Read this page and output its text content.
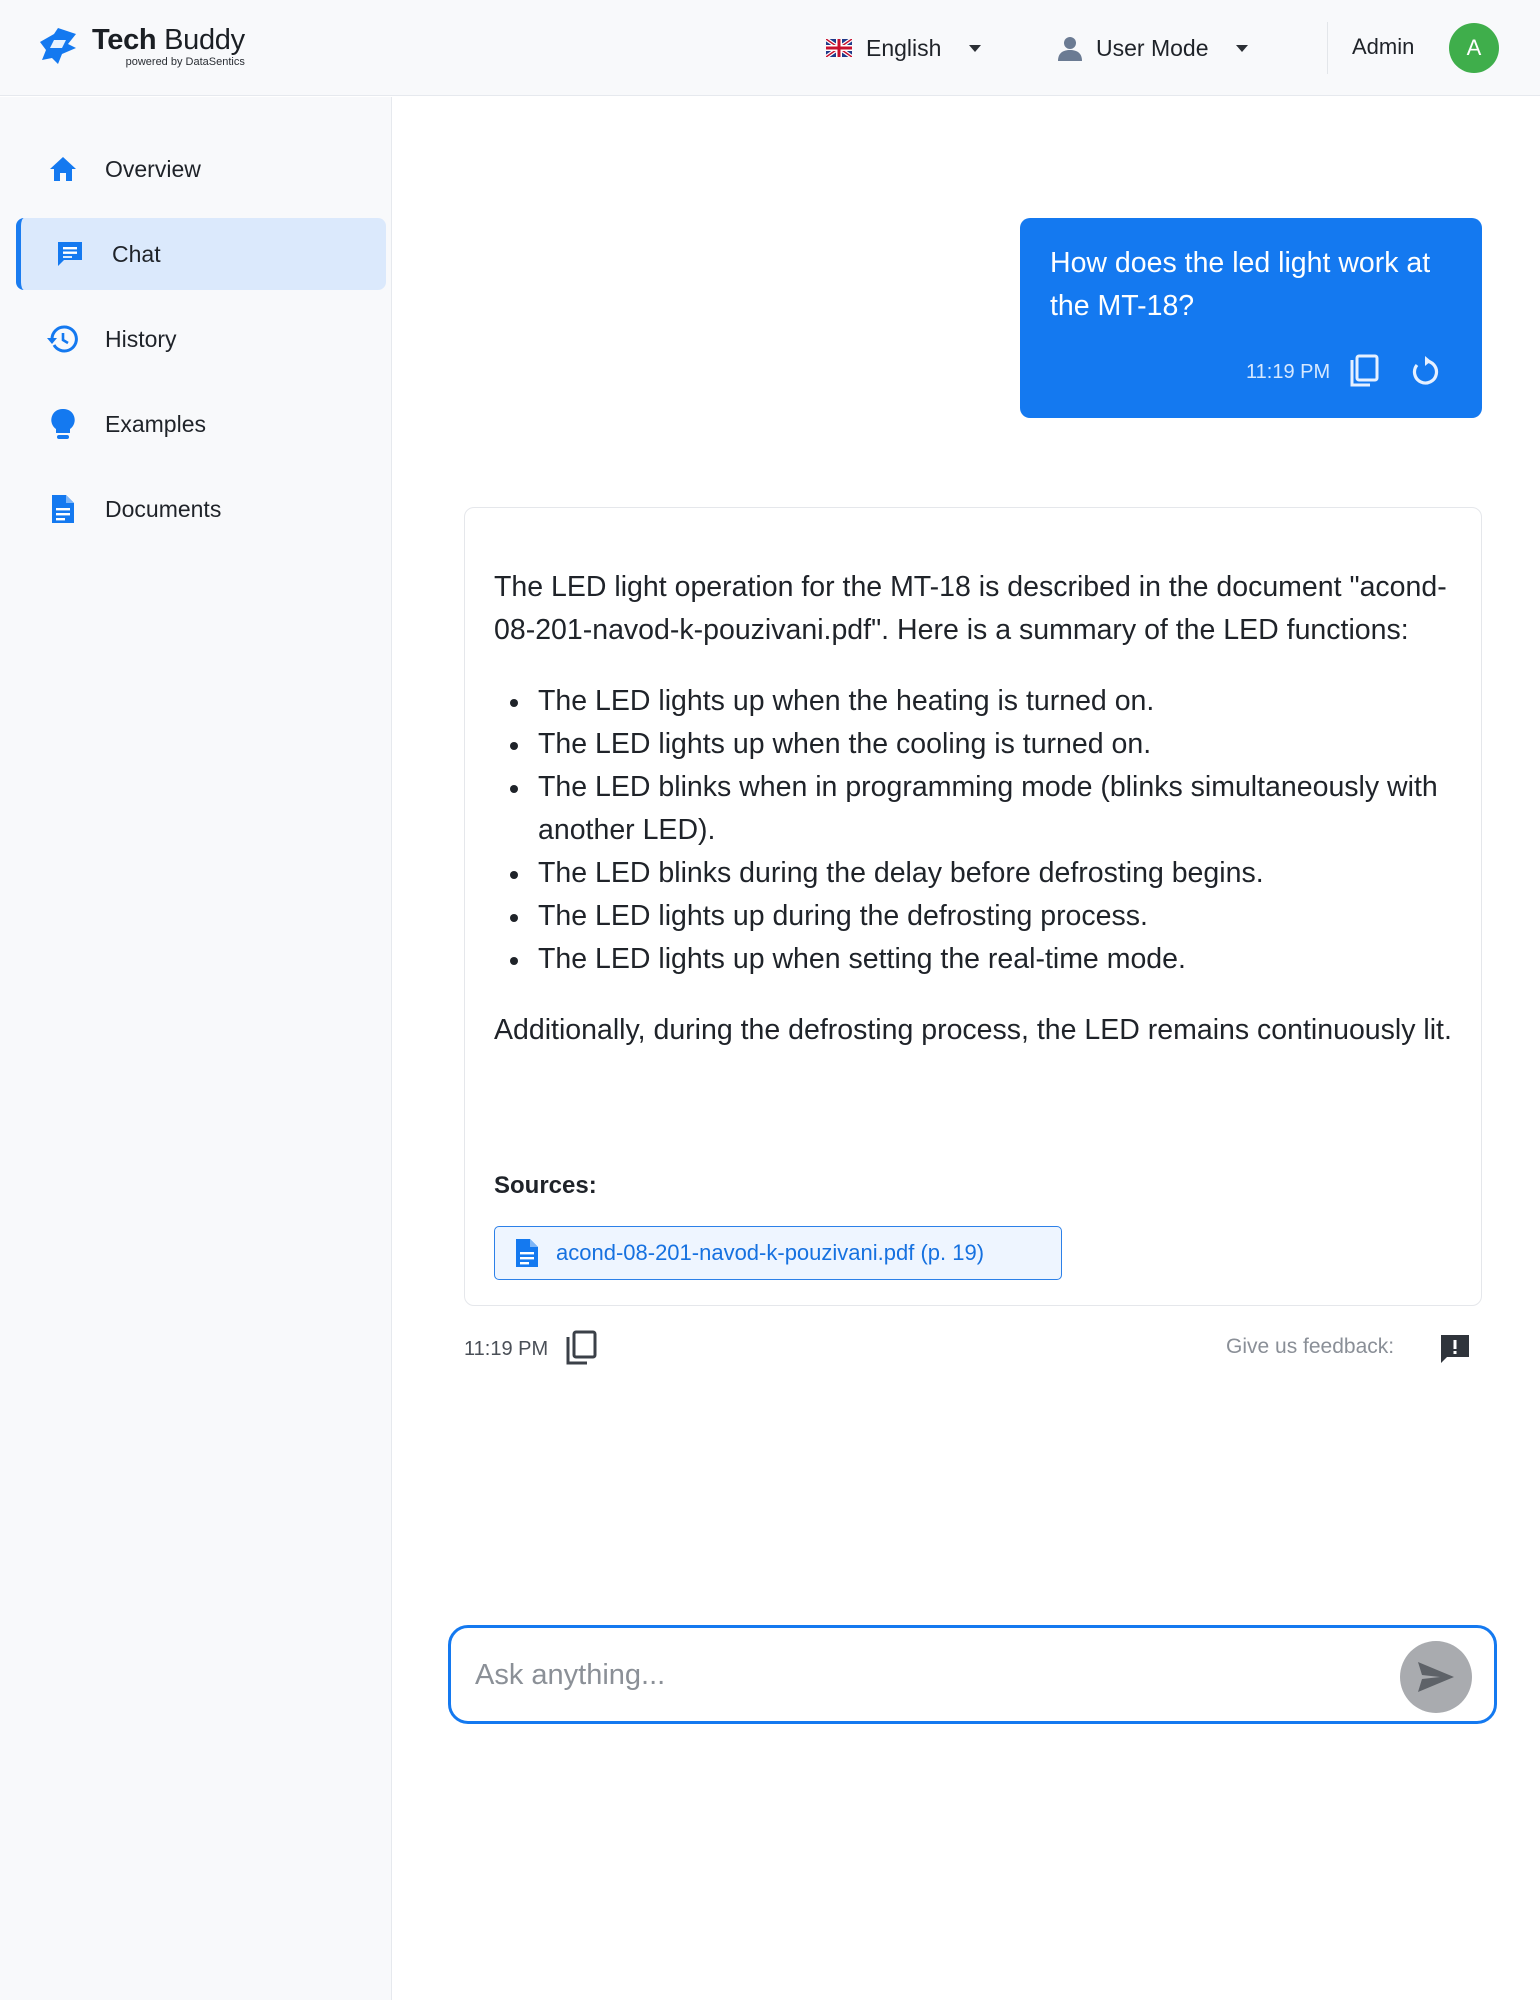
Tech Buddy
powered by DataSentics
English	User Mode	Admin	A
Overview
Chat
History
Examples
Documents
How does the led light work at the MT-18?
11:19 PM

The LED light operation for the MT-18 is described in the document "acond-08-201-navod-k-pouzivani.pdf". Here is a summary of the LED functions:

The LED lights up when the heating is turned on.
The LED lights up when the cooling is turned on.
The LED blinks when in programming mode (blinks simultaneously with another LED).
The LED blinks during the delay before defrosting begins.
The LED lights up during the defrosting process.
The LED lights up when setting the real-time mode.

Additionally, during the defrosting process, the LED remains continuously lit.

Sources:
acond-08-201-navod-k-pouzivani.pdf (p. 19)
11:19 PM	Give us feedback:
Ask anything...
